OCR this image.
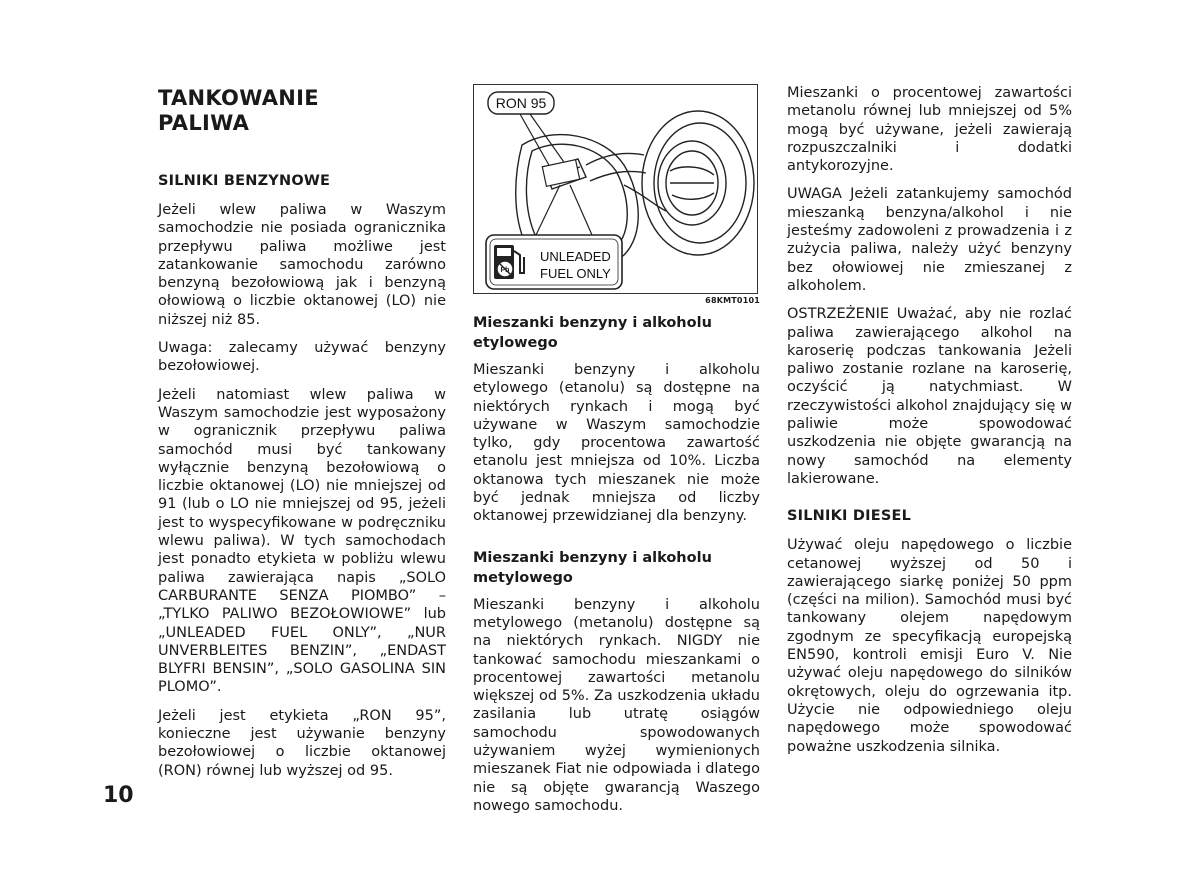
TANKOWANIE
PALIWA
SILNIKI BENZYNOWE

Jeżeli wlew paliwa w Waszym samochodzie nie posiada ogranicznika przepływu paliwa możliwe jest zatankowanie samochodu zarówno benzyną bezołowiową jak i benzyną ołowiową o liczbie oktanowej (LO) nie niższej niż 85.

Uwaga: zalecamy używać benzyny bezołowiowej.

Jeżeli natomiast wlew paliwa w Waszym samochodzie jest wyposażony w ogranicznik przepływu paliwa samochód musi być tankowany wyłącznie benzyną bezołowiową o liczbie oktanowej (LO) nie mniejszej od 91 (lub o LO nie mniejszej od 95, jeżeli jest to wyspecyfikowane w podręczniku wlewu paliwa). W tych samochodach jest ponadto etykieta w pobliżu wlewu paliwa zawierająca napis „SOLO CARBURANTE SENZA PIOMBO” – „TYLKO PALIWO BEZOŁOWIOWE” lub „UNLEADED FUEL ONLY”, „NUR UNVERBLEITES BENZIN”, „ENDAST BLYFRI BENSIN”, „SOLO GASOLINA SIN PLOMO”.

Jeżeli jest etykieta „RON 95”, konieczne jest używanie benzyny bezołowiowej o liczbie oktanowej (RON) równej lub wyższej od 95.

RON 95
Pb
UNLEADED
FUEL ONLY
68KMT0101
Mieszanki benzyny i alkoholu etylowego

Mieszanki benzyny i alkoholu etylowego (etanolu) są dostępne na niektórych rynkach i mogą być używane w Waszym samochodzie tylko, gdy procentowa zawartość etanolu jest mniejsza od 10%. Liczba oktanowa tych mieszanek nie może być jednak mniejsza od liczby oktanowej przewidzianej dla benzyny.

Mieszanki benzyny i alkoholu metylowego

Mieszanki benzyny i alkoholu metylowego (metanolu) dostępne są na niektórych rynkach. NIGDY nie tankować samochodu mieszankami o procentowej zawartości metanolu większej od 5%. Za uszkodzenia układu zasilania lub utratę osiągów samochodu spowodowanych używaniem wyżej wymienionych mieszanek Fiat nie odpowiada i dlatego nie są objęte gwarancją Waszego nowego samochodu.

Mieszanki o procentowej zawartości metanolu równej lub mniejszej od 5% mogą być używane, jeżeli zawierają rozpuszczalniki i dodatki antykorozyjne.

UWAGA Jeżeli zatankujemy samochód mieszanką benzyna/alkohol i nie jesteśmy zadowoleni z prowadzenia i z zużycia paliwa, należy użyć benzyny bez ołowiowej nie zmieszanej z alkoholem.

OSTRZEŻENIE Uważać, aby nie rozlać paliwa zawierającego alkohol na karoserię podczas tankowania Jeżeli paliwo zostanie rozlane na karoserię, oczyścić ją natychmiast. W rzeczywistości alkohol znajdujący się w paliwie może spowodować uszkodzenia nie objęte gwarancją na nowy samochód na elementy lakierowane.

SILNIKI DIESEL

Używać oleju napędowego o liczbie cetanowej wyższej od 50 i zawierającego siarkę poniżej 50 ppm (części na milion). Samochód musi być tankowany olejem napędowym zgodnym ze specyfikacją europejską EN590, kontroli emisji Euro V. Nie używać oleju napędowego do silników okrętowych, oleju do ogrzewania itp. Użycie nie odpowiedniego oleju napędowego może spowodować poważne uszkodzenia silnika.

10
